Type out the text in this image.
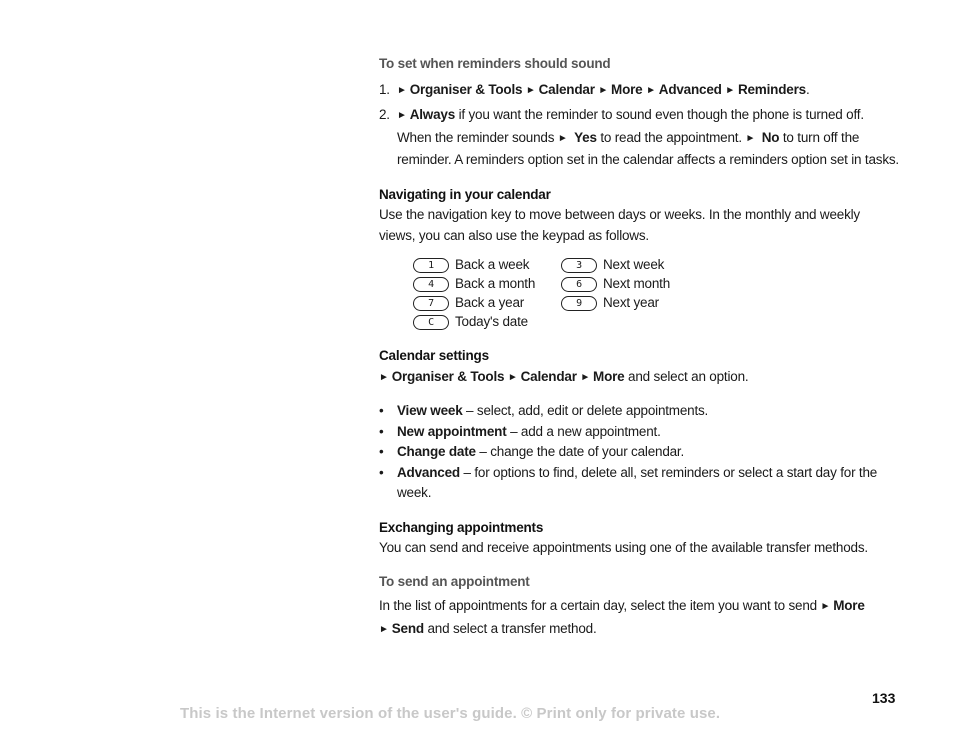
To set when reminders should sound
1. ► Organiser & Tools ► Calendar ► More ► Advanced ► Reminders.
2. ► Always if you want the reminder to sound even though the phone is turned off. When the reminder sounds ► Yes to read the appointment. ► No to turn off the reminder. A reminders option set in the calendar affects a reminders option set in tasks.
Navigating in your calendar
Use the navigation key to move between days or weeks. In the monthly and weekly views, you can also use the keypad as follows.
1	Back a week	3	Next week
4	Back a month	6	Next month
7	Back a year	9	Next year
C	Today's date
Calendar settings
► Organiser & Tools ► Calendar ► More and select an option.
• View week – select, add, edit or delete appointments.
• New appointment – add a new appointment.
• Change date – change the date of your calendar.
• Advanced – for options to find, delete all, set reminders or select a start day for the week.
Exchanging appointments
You can send and receive appointments using one of the available transfer methods.
To send an appointment
In the list of appointments for a certain day, select the item you want to send ► More ► Send and select a transfer method.
133
This is the Internet version of the user's guide. © Print only for private use.
